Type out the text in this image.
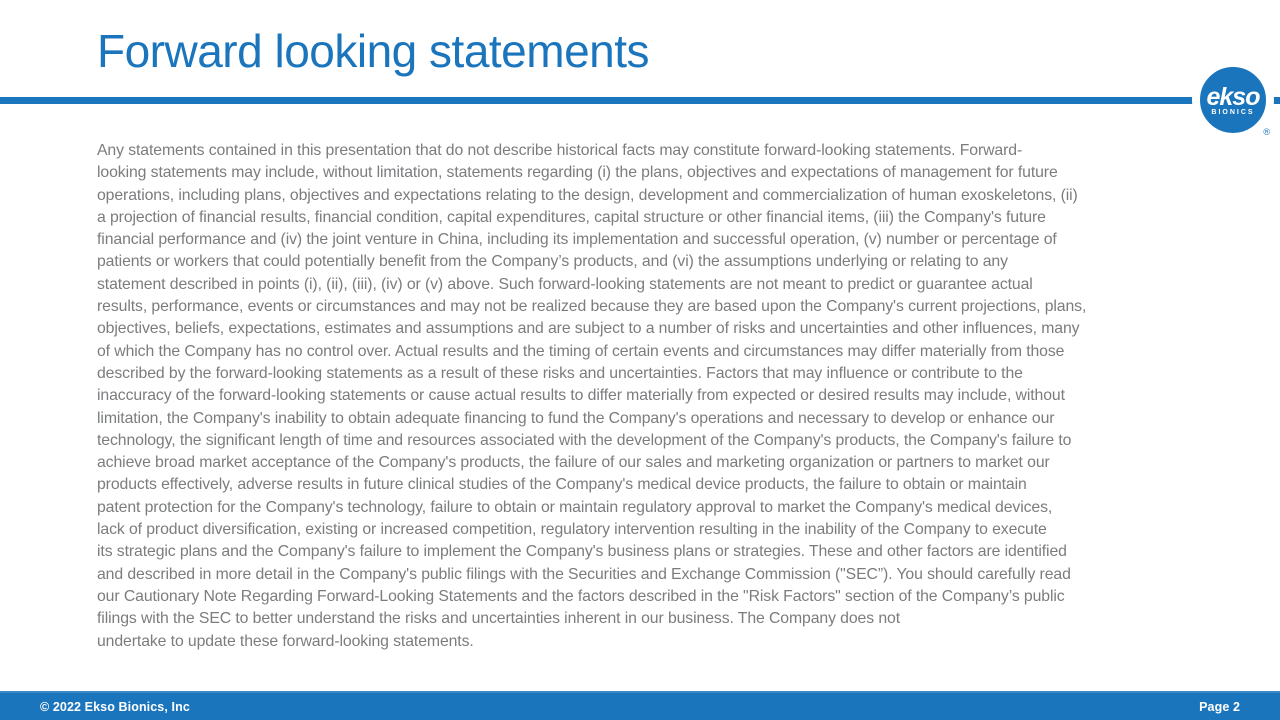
Forward looking statements
ekso
BIONICS
®
Any statements contained in this presentation that do not describe historical facts may constitute forward-looking statements. Forward-
looking statements may include, without limitation, statements regarding (i) the plans, objectives and expectations of management for future
operations, including plans, objectives and expectations relating to the design, development and commercialization of human exoskeletons, (ii)
a projection of financial results, financial condition, capital expenditures, capital structure or other financial items, (iii) the Company's future
financial performance and (iv) the joint venture in China, including its implementation and successful operation, (v) number or percentage of
patients or workers that could potentially benefit from the Company’s products, and (vi) the assumptions underlying or relating to any
statement described in points (i), (ii), (iii), (iv) or (v) above. Such forward-looking statements are not meant to predict or guarantee actual
results, performance, events or circumstances and may not be realized because they are based upon the Company's current projections, plans,
objectives, beliefs, expectations, estimates and assumptions and are subject to a number of risks and uncertainties and other influences, many
of which the Company has no control over. Actual results and the timing of certain events and circumstances may differ materially from those
described by the forward-looking statements as a result of these risks and uncertainties. Factors that may influence or contribute to the
inaccuracy of the forward-looking statements or cause actual results to differ materially from expected or desired results may include, without
limitation, the Company's inability to obtain adequate financing to fund the Company's operations and necessary to develop or enhance our
technology, the significant length of time and resources associated with the development of the Company's products, the Company's failure to
achieve broad market acceptance of the Company's products, the failure of our sales and marketing organization or partners to market our
products effectively, adverse results in future clinical studies of the Company's medical device products, the failure to obtain or maintain
patent protection for the Company's technology, failure to obtain or maintain regulatory approval to market the Company's medical devices,
lack of product diversification, existing or increased competition, regulatory intervention resulting in the inability of the Company to execute
its strategic plans and the Company's failure to implement the Company's business plans or strategies. These and other factors are identified
and described in more detail in the Company's public filings with the Securities and Exchange Commission ("SEC”). You should carefully read
our Cautionary Note Regarding Forward-Looking Statements and the factors described in the "Risk Factors" section of the Company’s public
filings with the SEC to better understand the risks and uncertainties inherent in our business. The Company does not
undertake to update these forward-looking statements.
© 2022 Ekso Bionics, Inc	Page 2
